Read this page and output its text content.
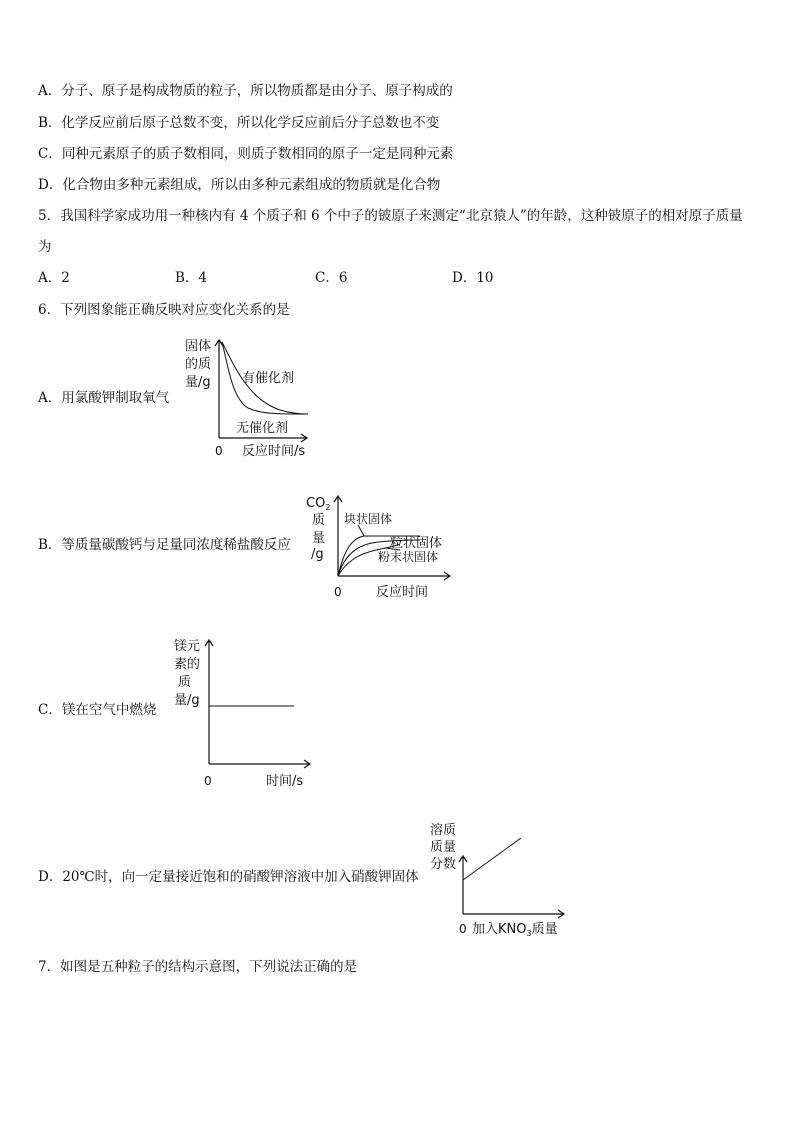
A．分子、原子是构成物质的粒子，所以物质都是由分子、原子构成的
B．化学反应前后原子总数不变，所以化学反应前后分子总数也不变
C．同种元素原子的质子数相同，则质子数相同的原子一定是同种元素
D．化合物由多种元素组成，所以由多种元素组成的物质就是化合物
5．我国科学家成功用一种核内有 4 个质子和 6 个中子的铍原子来测定“北京猿人”的年龄，这种铍原子的相对原子质量
为
A．2	B．4	C．6	D．10
6．下列图象能正确反映对应变化关系的是
A．用氯酸钾制取氧气
固体
的质
量/g 有催化剂
无催化剂
0 反应时间/s
B．等质量碳酸钙与足量同浓度稀盐酸反应
$CO_2$
质
量
/g
块状固体
粒状固体
粉末状固体
0	反应时间
C．镁在空气中燃烧
镁元
素的
质
量/g
0	时间/s
D．20℃时，向一定量接近饱和的硝酸钾溶液中加入硝酸钾固体
溶质
质量
分数
0 加入$KNO_3$质量
7．如图是五种粒子的结构示意图，下列说法正确的是
